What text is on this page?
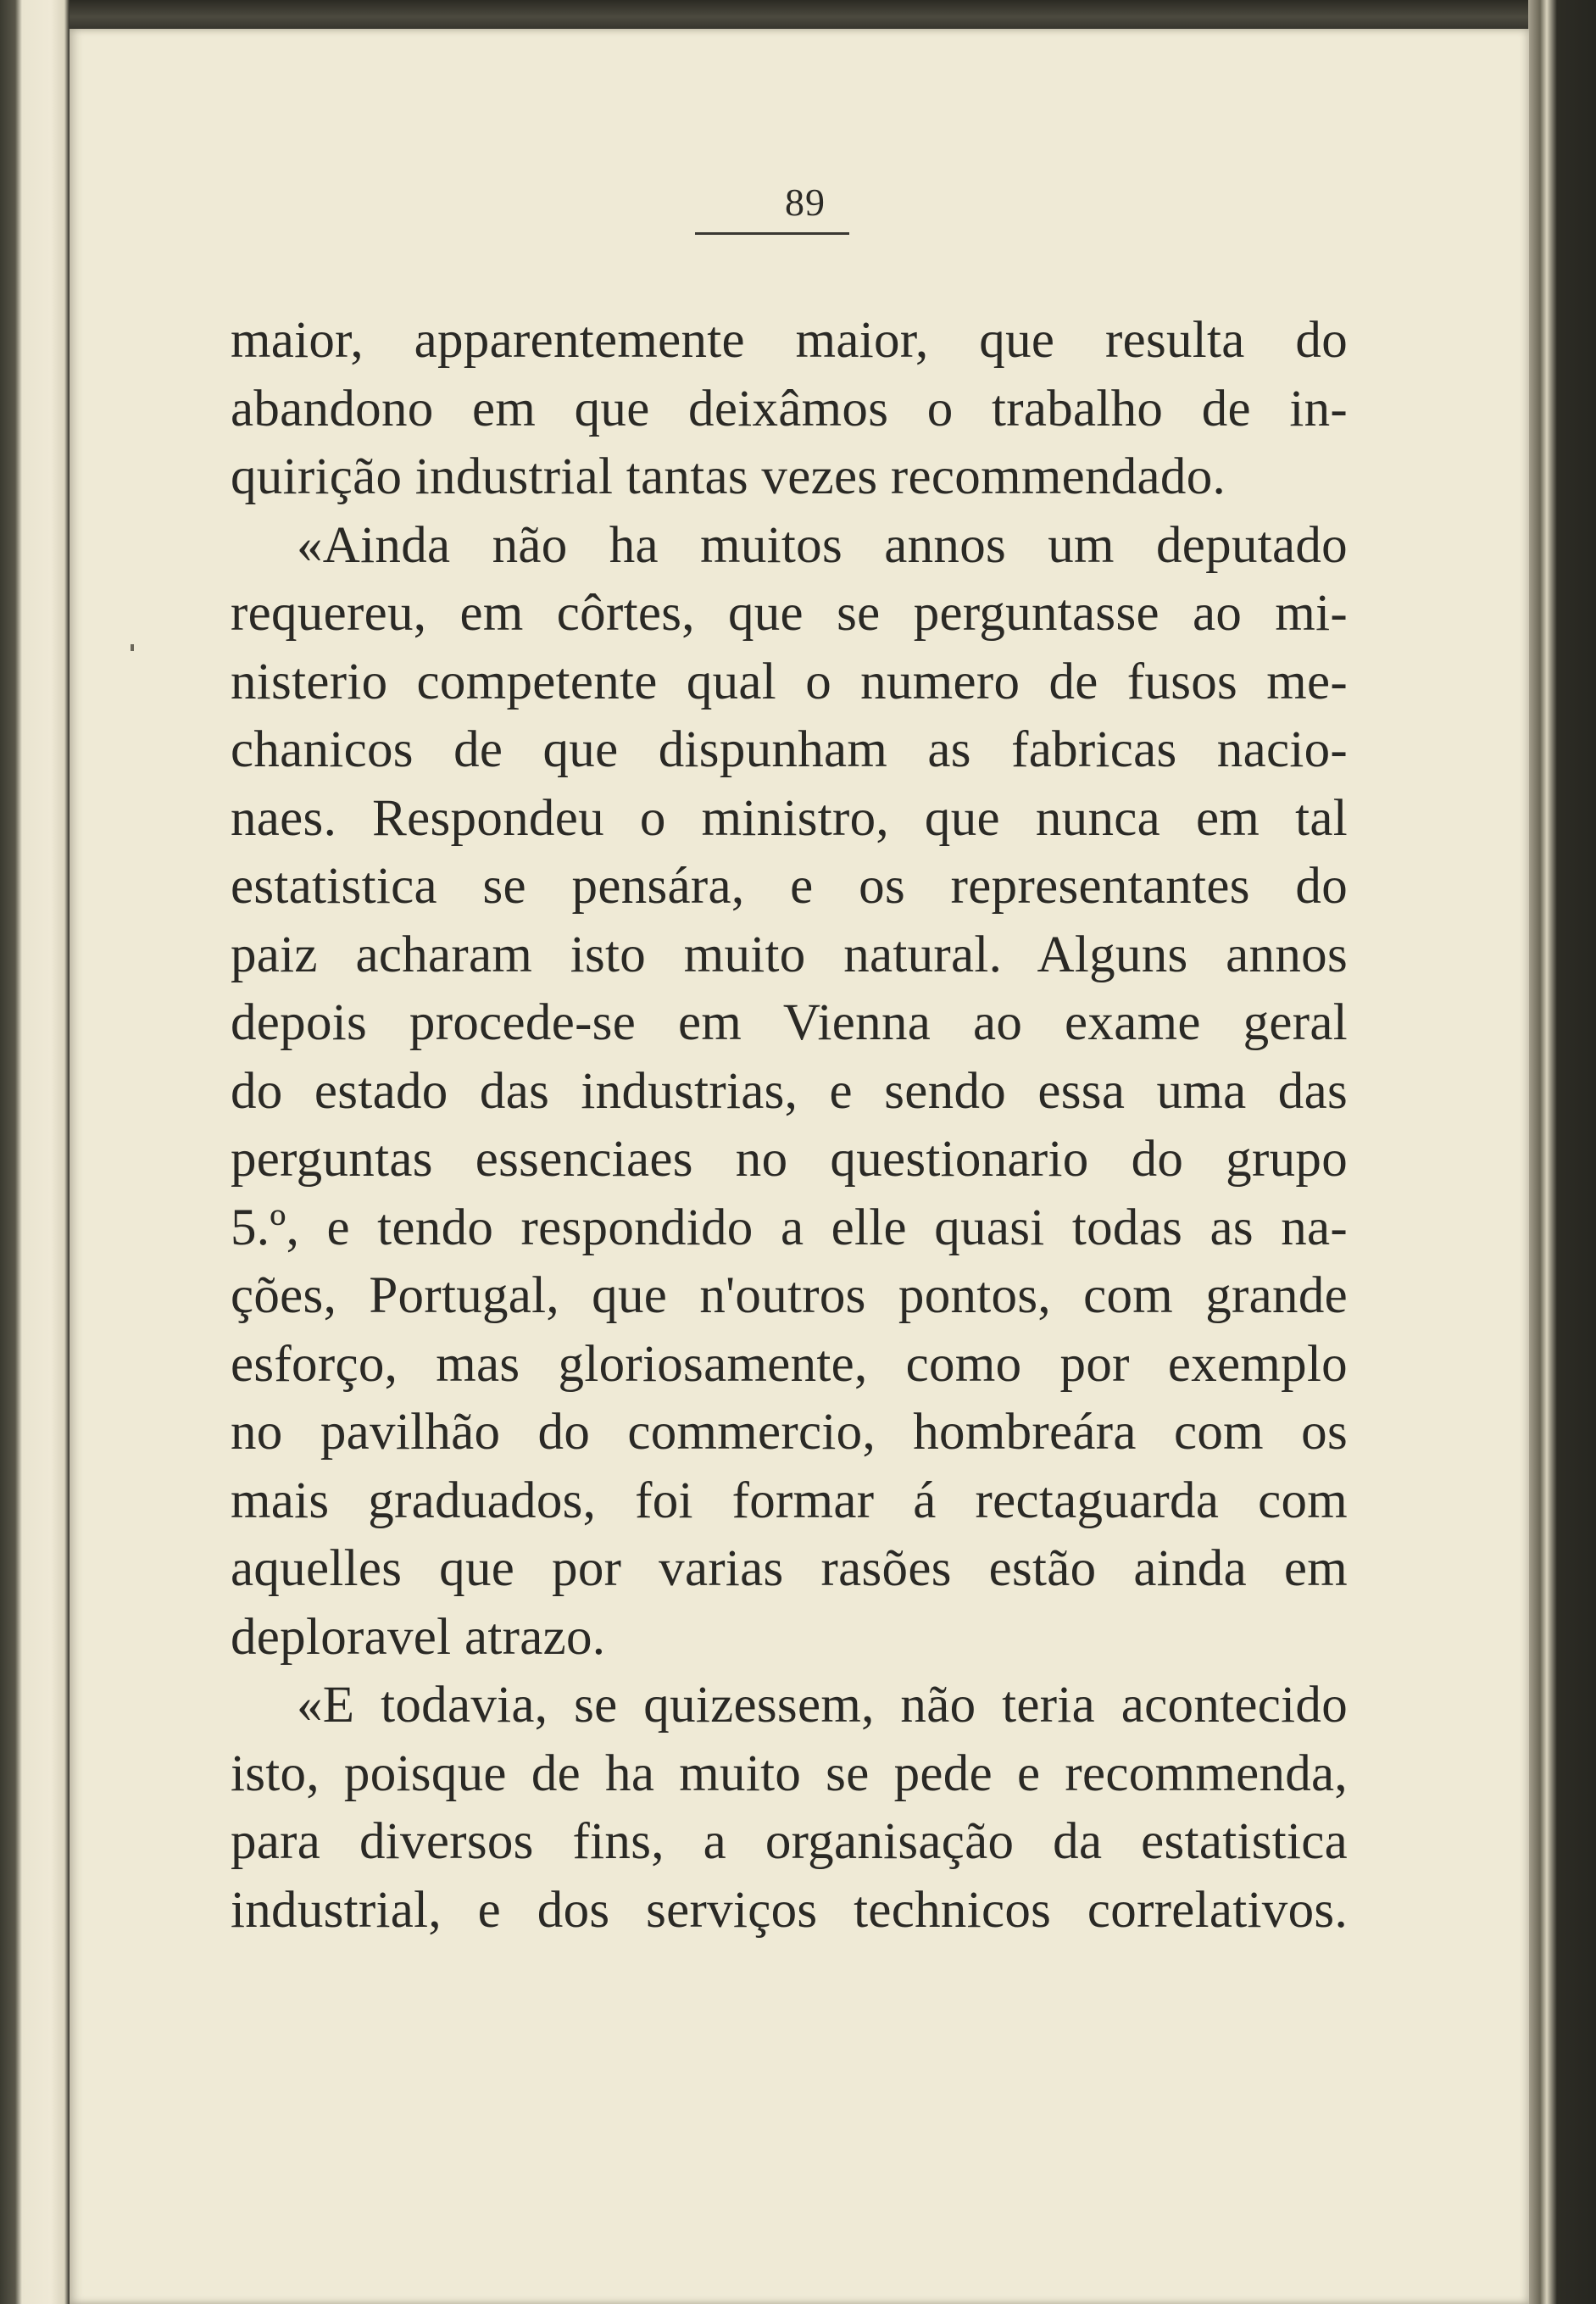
89
maior, apparentemente maior, que resulta do
abandono em que deixâmos o trabalho de in-
quirição industrial tantas vezes recommendado.
«Ainda não ha muitos annos um deputado
requereu, em côrtes, que se perguntasse ao mi-
nisterio competente qual o numero de fusos me-
chanicos de que dispunham as fabricas nacio-
naes. Respondeu o ministro, que nunca em tal
estatistica se pensára, e os representantes do
paiz acharam isto muito natural. Alguns annos
depois procede-se em Vienna ao exame geral
do estado das industrias, e sendo essa uma das
perguntas essenciaes no questionario do grupo
5.º, e tendo respondido a elle quasi todas as na-
ções, Portugal, que n'outros pontos, com grande
esforço, mas gloriosamente, como por exemplo
no pavilhão do commercio, hombreára com os
mais graduados, foi formar á rectaguarda com
aquelles que por varias rasões estão ainda em
deploravel atrazo.
«E todavia, se quizessem, não teria acontecido
isto, poisque de ha muito se pede e recommenda,
para diversos fins, a organisação da estatistica
industrial, e dos serviços technicos correlativos.
